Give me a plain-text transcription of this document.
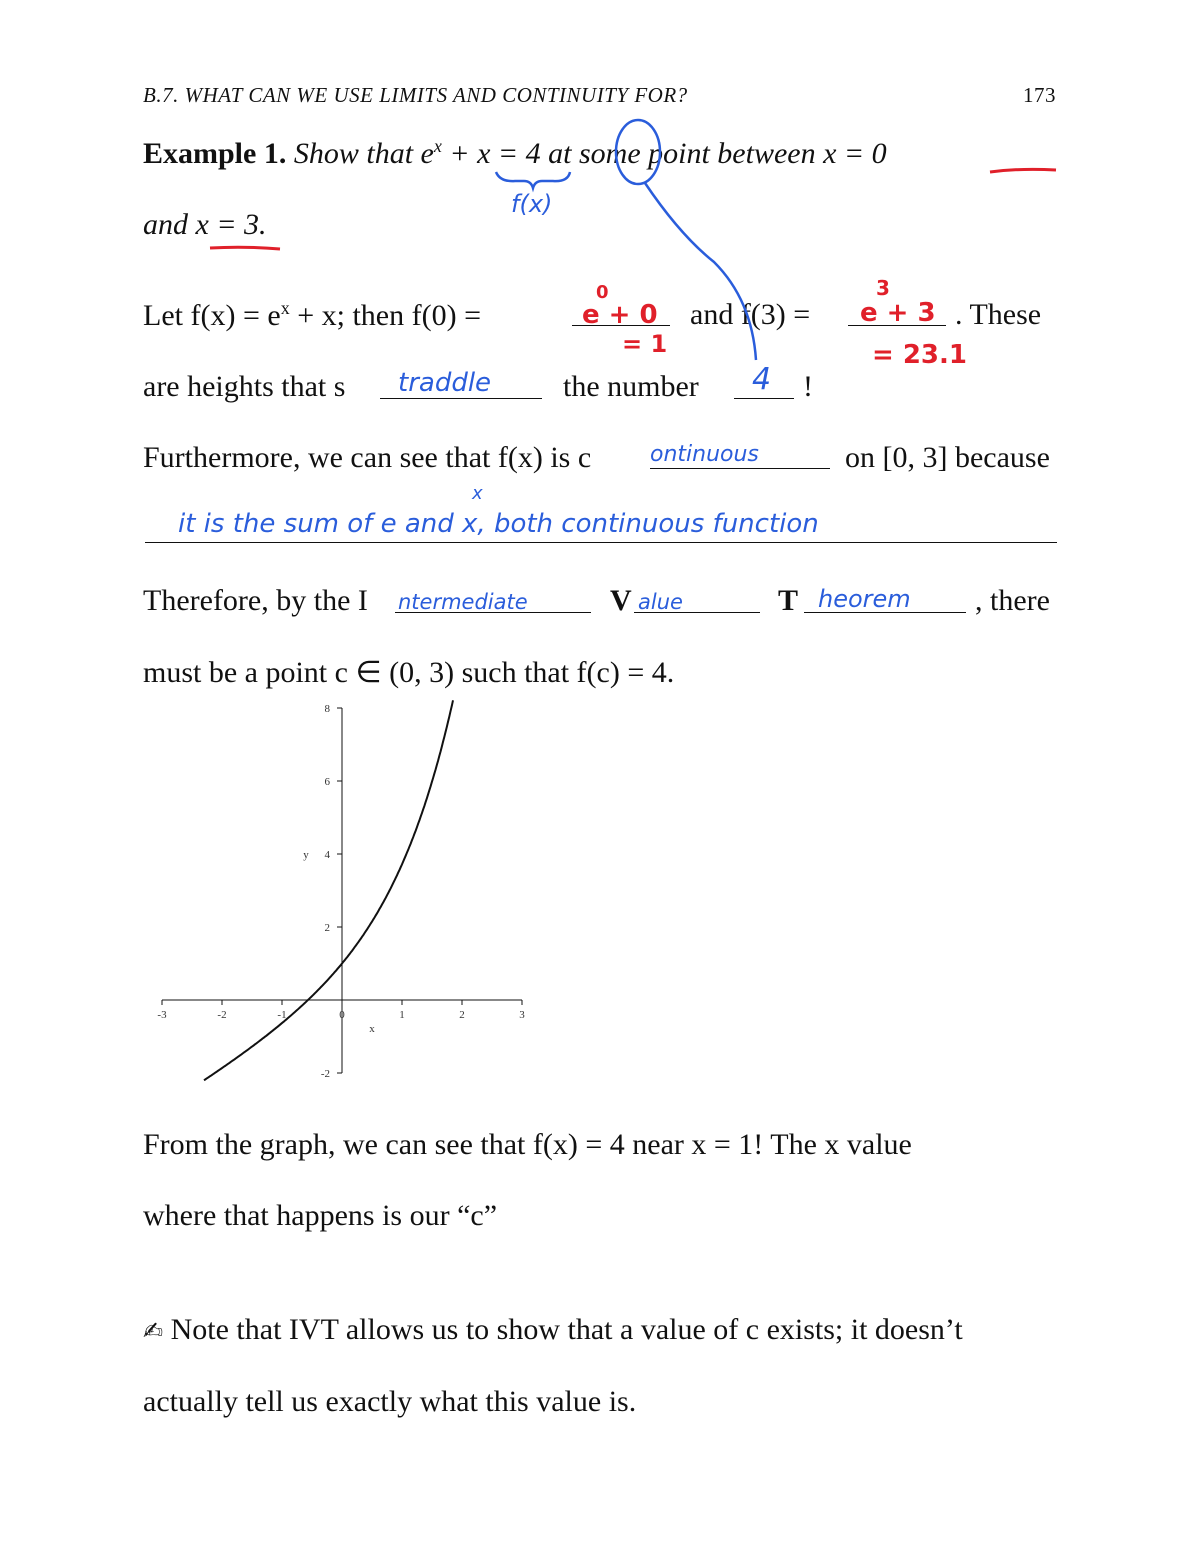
B.7. WHAT CAN WE USE LIMITS AND CONTINUITY FOR?	173
Example 1. Show that $e^x + x = 4$ at some point between x = 0
and x = 3.
Let $f(x) = e^x + x$; then f(0) =	and f(3) =	. These
are heights that s	the number	!
Furthermore, we can see that f(x) is c	on [0, 3] because
Therefore, by the I	V	T	, there
must be a point c ∈ (0, 3) such that f(c) = 4.
f(x)
e + 0
0
= 1
e + 3
3
= 23.1
traddle	4
ontinuous
it is the sum of e and x, both continuous function
x
ntermediate	alue	heorem
-3	-2	-1	0	1	2	3
-2
2
4
6
8
x
y
From the graph, we can see that f(x) = 4 near x = 1! The x value
where that happens is our “c”
✍ Note that IVT allows us to show that a value of c exists; it doesn’t
actually tell us exactly what this value is.
